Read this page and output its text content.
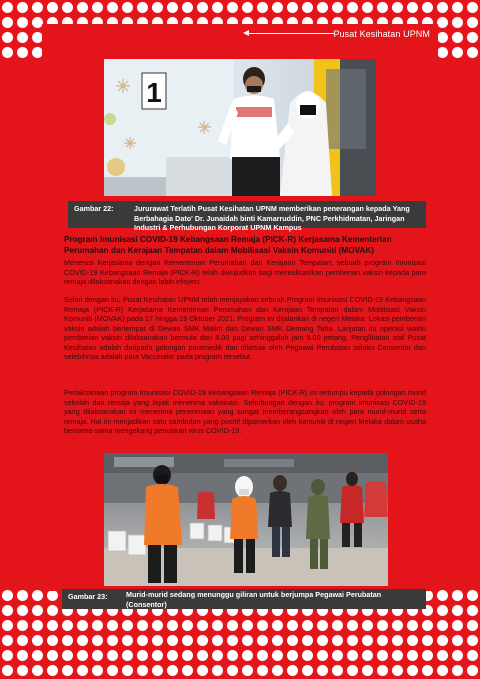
Pusat Kesihatan UPNM
1
Gambar 22:	Jururawat Terlatih Pusat Kesihatan UPNM memberikan penerangan kepada Yang Berbahagia Dato' Dr. Junaidah binti Kamarruddin, PNC Perkhidmatan, Jaringan Industri & Perhubungan Korporat UPNM Kampus
Program Imunisasi COVID-19 Kebangsaan Remaja (PICK-R) Kerjasama Kementerian Perumahan dan Kerajaan Tempatan dalam Mobilisasi Vaksin Komuniti (MOVAK)
Menerusi Kerjasama dengan Kementerian Perumahan dan Kerajaan Tempatan, sebuah program Imunisasi COVID-19 Kebangsaan Remaja (PICK-R) telah diwujudkan bagi merealisasikan pemberian vaksin kepada para remaja dilaksanakan dengan lebih efisyen.
Selari dengan itu, Pusat Kesihatan UPNM telah menjayakan sebuah Program Imunisasi COVID-19 Kebangsaan Remaja (PICK-R) Kerjasama Kementerian Perumahan dan Kerajaan Tempatan dalam Mobilisasi Vaksin Komuniti (MOVAK) pada 17 hingga 19 Oktober 2021. Program ini dijalankan di negeri Melaka. Lokasi pemberian vaksin adalah bertempat di Dewan SMK Malim dan Dewan SMK Demang Taha. Lanjutan itu operasi waktu pemberian vaksin dilaksanakan bermula dari 8.00 pagi sehinggalah jam 5.00 petang. Penglibatan staf Pusat Kesihatan adalah daripada golongan paramedik dan diketuai oleh Pegawai Perubatan selaku Consentor dan selebihnya adalah para Vaccinator pada program tersebut.
Perlaksanaan program Imunisasi COVID-19 Kebangsaan Remaja (PICK-R) ini tertumpu kepada golongan murid sekolah dan remaja yang layak menerima vaksinasi. Sehubungan dengan itu, program imunisasi COVID-19 yang dilaksanakan ini menerima penerimaan yang sangat memberangsangkan oleh para murid-murid serta remaja. Hal ini menjadikan satu sambutan yang positif dipamerkan oleh komuniti di negeri Melaka dalam usaha bersama-sama mengekang penularan virus COVID-19.
Gambar 23:	Murid-murid sedang menunggu giliran untuk berjumpa Pegawai Perubatan (Consentor)
